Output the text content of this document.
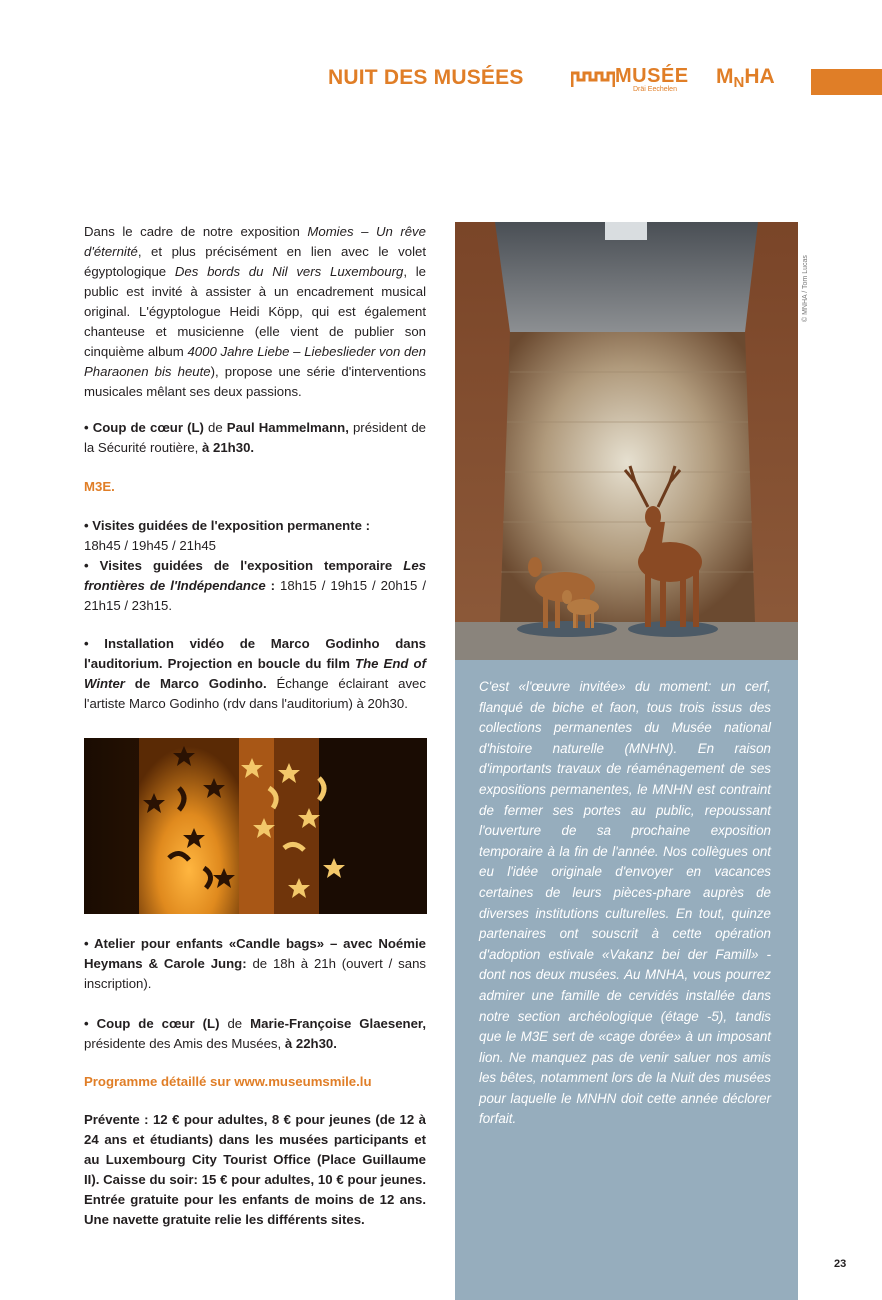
NUIT DES MUSÉES	MUSÉE
Dräi Eechelen
MNHA

Dans le cadre de notre exposition Momies – Un rêve d'éternité, et plus précisément en lien avec le volet égyptologique Des bords du Nil vers Luxembourg, le public est invité à assister à un encadrement musical original. L'égyptologue Heidi Köpp, qui est également chanteuse et musicienne (elle vient de publier son cinquième album 4000 Jahre Liebe – Liebeslieder von den Pharaonen bis heute), propose une série d'interventions musicales mêlant ses deux passions.

• Coup de cœur (L) de Paul Hammelmann, président de la Sécurité routière, à 21h30.

M3E.

• Visites guidées de l'exposition permanente :
18h45 / 19h45 / 21h45

• Visites guidées de l'exposition temporaire Les frontières de l'Indépendance : 18h15 / 19h15 / 20h15 / 21h15 / 23h15.

• Installation vidéo de Marco Godinho dans l'auditorium. Projection en boucle du film The End of Winter de Marco Godinho. Échange éclairant avec l'artiste Marco Godinho (rdv dans l'auditorium) à 20h30.

• Atelier pour enfants «Candle bags» – avec Noémie Heymans & Carole Jung: de 18h à 21h (ouvert / sans inscription).

• Coup de cœur (L) de Marie-Françoise Glaesener, présidente des Amis des Musées, à 22h30.

Programme détaillé sur www.museumsmile.lu

Prévente : 12 € pour adultes, 8 € pour jeunes (de 12 à 24 ans et étudiants) dans les musées participants et au Luxembourg City Tourist Office (Place Guillaume II). Caisse du soir: 15 € pour adultes, 10 € pour jeunes. Entrée gratuite pour les enfants de moins de 12 ans. Une navette gratuite relie les différents sites.

© MNHA / Tom Lucas

C'est «l'œuvre invitée» du moment: un cerf, flanqué de biche et faon, tous trois issus des collections permanentes du Musée national d'histoire naturelle (MNHN). En raison d'importants travaux de réaménagement de ses expositions permanentes, le MNHN est contraint de fermer ses portes au public, repoussant l'ouverture de sa prochaine exposition temporaire à la fin de l'année. Nos collègues ont eu l'idée originale d'envoyer en vacances certaines de leurs pièces-phare auprès de diverses institutions culturelles. En tout, quinze partenaires ont souscrit à cette opération d'adoption estivale «Vakanz bei der Famill» - dont nos deux musées. Au MNHA, vous pourrez admirer une famille de cervidés installée dans notre section archéologique (étage -5), tandis que le M3E sert de «cage dorée» à un imposant lion. Ne manquez pas de venir saluer nos amis les bêtes, notamment lors de la Nuit des musées pour laquelle le MNHN doit cette année déclorer forfait.

23
